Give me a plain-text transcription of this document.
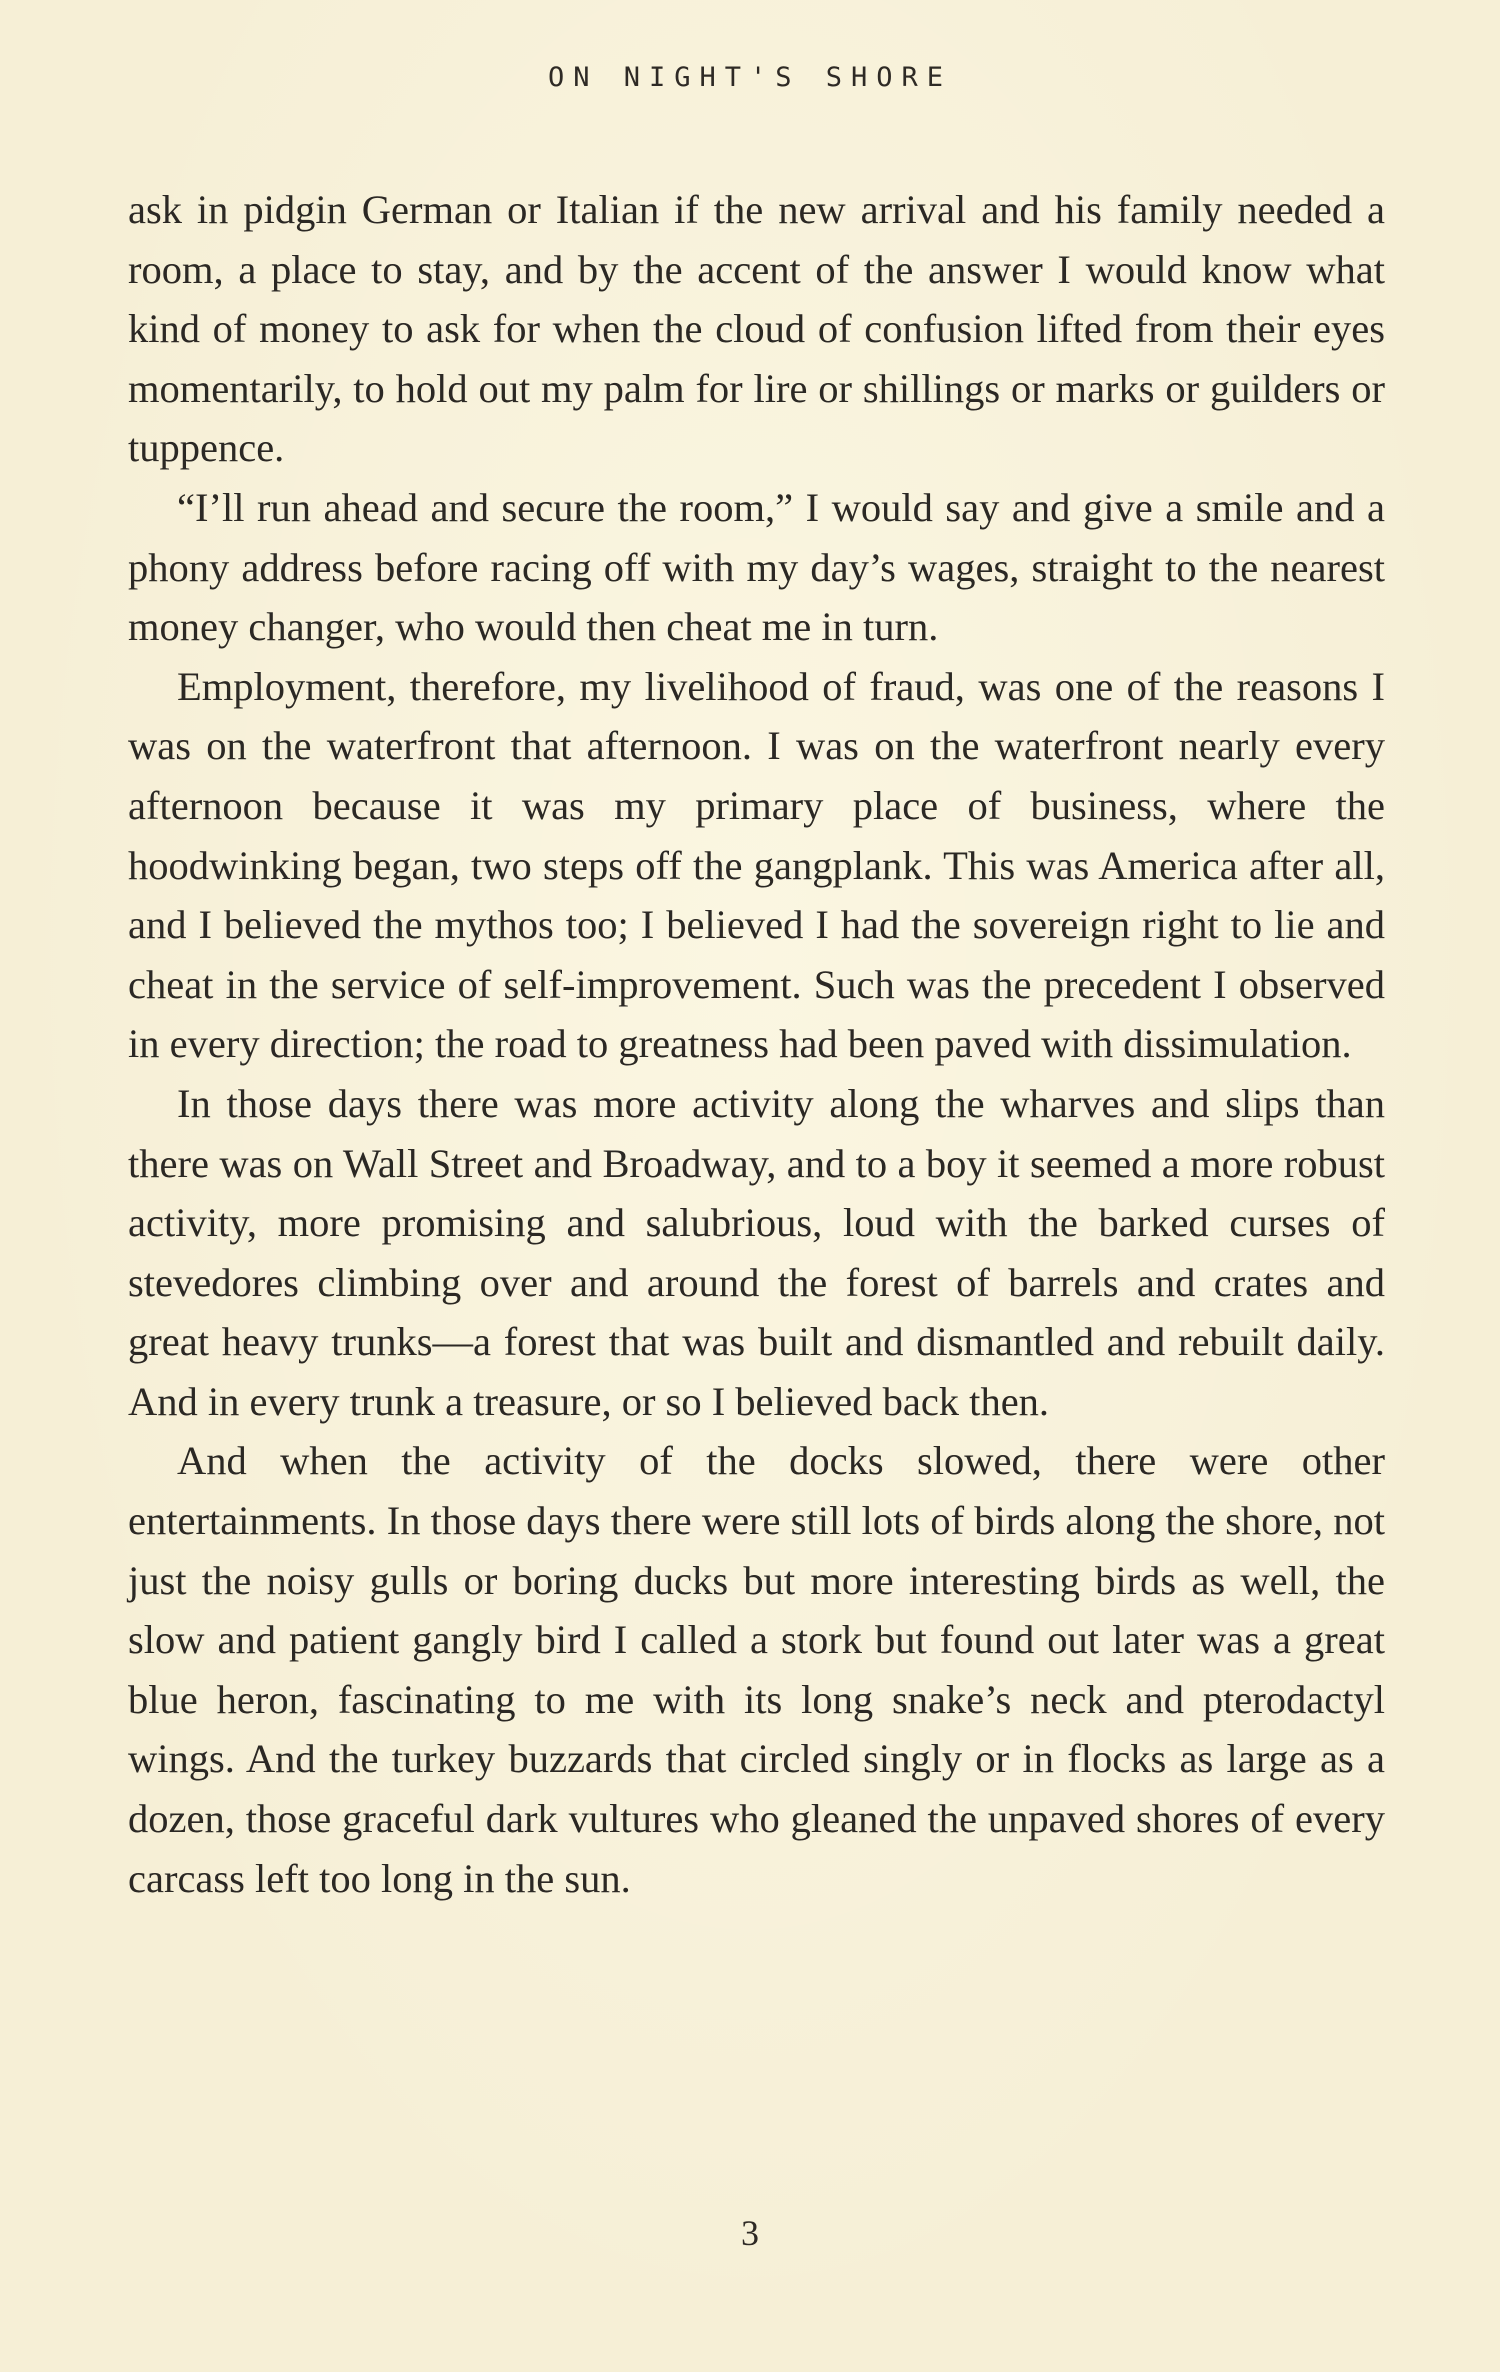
ON NIGHT'S SHORE

ask in pidgin German or Italian if the new arrival and his family needed a room, a place to stay, and by the accent of the answer I would know what kind of money to ask for when the cloud of confusion lifted from their eyes momentarily, to hold out my palm for lire or shillings or marks or guilders or tuppence.

“I’ll run ahead and secure the room,” I would say and give a smile and a phony address before racing off with my day’s wages, straight to the nearest money changer, who would then cheat me in turn.

Employment, therefore, my livelihood of fraud, was one of the reasons I was on the waterfront that afternoon. I was on the waterfront nearly every afternoon because it was my primary place of business, where the hoodwinking began, two steps off the gangplank. This was America after all, and I believed the mythos too; I believed I had the sovereign right to lie and cheat in the service of self-improvement. Such was the precedent I observed in every direction; the road to greatness had been paved with dissimulation.

In those days there was more activity along the wharves and slips than there was on Wall Street and Broadway, and to a boy it seemed a more robust activity, more promising and salubrious, loud with the barked curses of stevedores climbing over and around the forest of barrels and crates and great heavy trunks—a forest that was built and dismantled and rebuilt daily. And in every trunk a treasure, or so I believed back then.

And when the activity of the docks slowed, there were other entertainments. In those days there were still lots of birds along the shore, not just the noisy gulls or boring ducks but more interesting birds as well, the slow and patient gangly bird I called a stork but found out later was a great blue heron, fascinating to me with its long snake’s neck and pterodactyl wings. And the turkey buzzards that circled singly or in flocks as large as a dozen, those graceful dark vultures who gleaned the unpaved shores of every carcass left too long in the sun.

3
